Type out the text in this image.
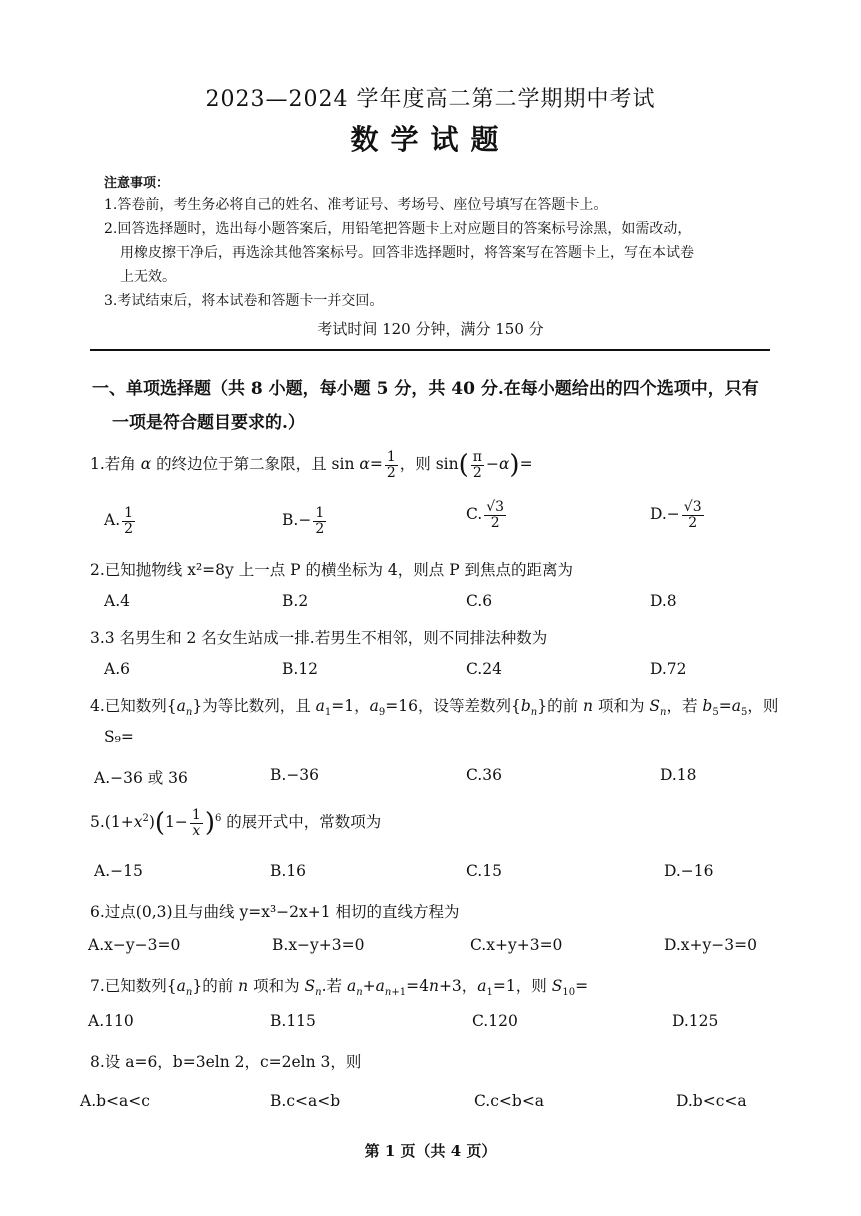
2023—2024 学年度高二第二学期期中考试
数学试题
注意事项：
1.答卷前，考生务必将自己的姓名、准考证号、考场号、座位号填写在答题卡上。
2.回答选择题时，选出每小题答案后，用铅笔把答题卡上对应题目的答案标号涂黑，如需改动，
用橡皮擦干净后，再选涂其他答案标号。回答非选择题时，将答案写在答题卡上，写在本试卷
上无效。
3.考试结束后，将本试卷和答题卡一并交回。
考试时间 120 分钟，满分 150 分
一、单项选择题（共 8 小题，每小题 5 分，共 40 分.在每小题给出的四个选项中，只有
一项是符合题目要求的.）
1.若角 α 的终边位于第二象限，且 $\sin \alpha= \frac{1}{2}$ ，则 $\sin( \frac{\pi}{2} -\alpha)=$
A. $\frac{1}{2}$	$B.- \frac{1}{2}$	C. $\frac{√3}{2}$	$D.- \frac{√3}{2}$
2.已知抛物线 x²=8y 上一点 P 的横坐标为 4，则点 P 到焦点的距离为
A.4	B.2	C.6	D.8
3.3 名男生和 2 名女生站成一排.若男生不相邻，则不同排法种数为
A.6	B.12	C.24	D.72
4.已知数列$\{a_n\}$为等比数列，且 $a_1=1$，$a_9=16$，设等差数列$\{b_n\}$的前 n 项和为 $S_n$，若 $b_5=a_5$，则
S₉=
A.−36 或 36	B.−36	C.36	D.18
$5.(1+x^2)(1- \frac{1}{x} )^6$ 的展开式中，常数项为
A.−15	B.16	C.15	D.−16
6.过点(0,3)且与曲线 y=x³−2x+1 相切的直线方程为
A.x−y−3=0	B.x−y+3=0	C.x+y+3=0	D.x+y−3=0
7.已知数列$\{a_n\}$的前 n 项和为 $S_n$.若 $a_n+a_{n+1}=4n+3$，$a_1=1$，则 $S_{10}=$
A.110	B.115	C.120	D.125
8.设 a=6，b=3eln 2，c=2eln 3，则
A.b<a<c	B.c<a<b	C.c<b<a	D.b<c<a
第 1 页（共 4 页）
